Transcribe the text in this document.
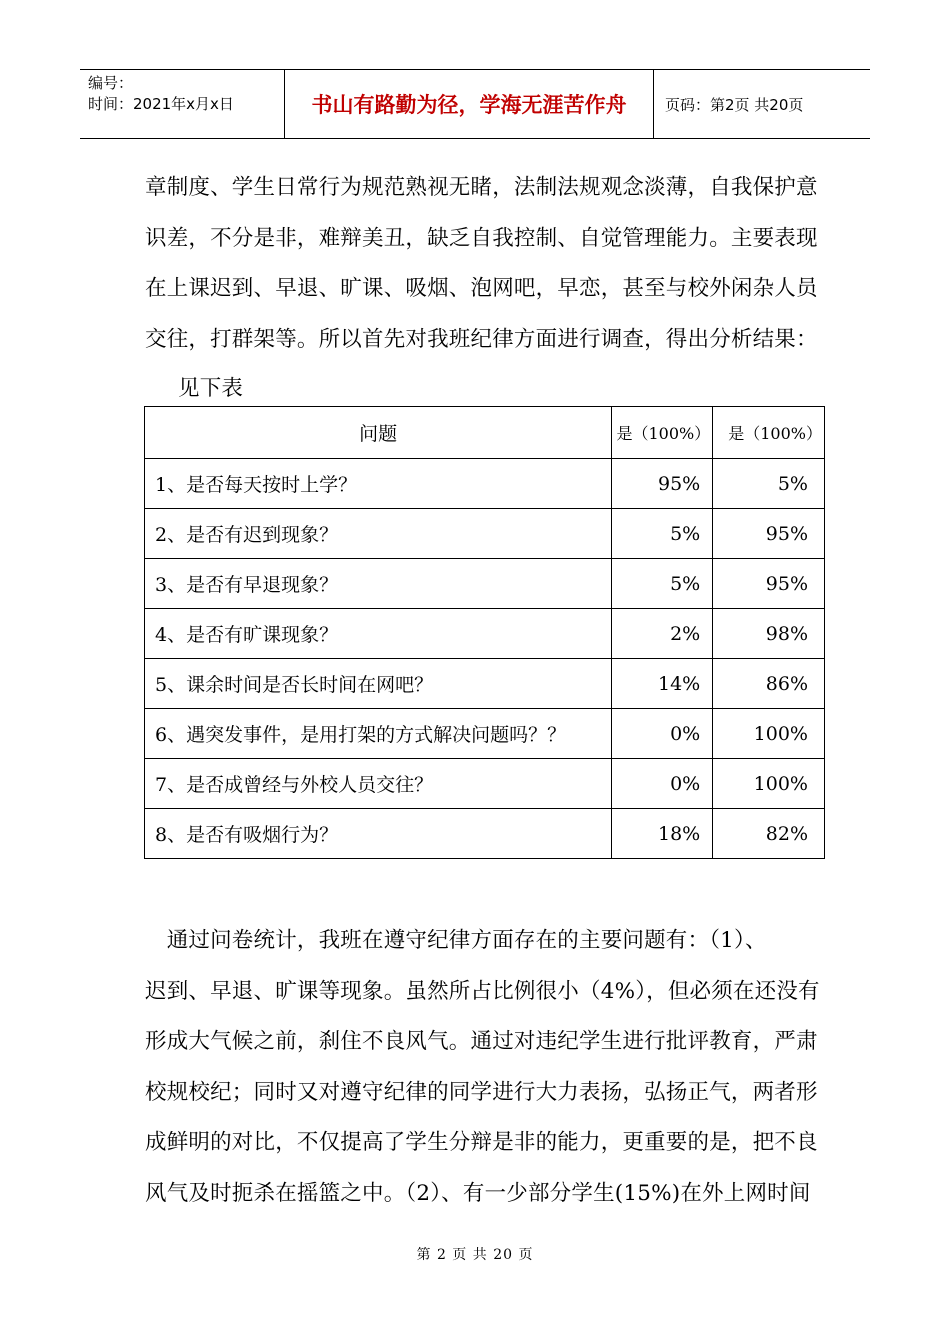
编号：
时间：2021年x月x日	书山有路勤为径，学海无涯苦作舟	页码：第2页 共20页
章制度、学生日常行为规范熟视无睹，法制法规观念淡薄，自我保护意
识差，不分是非，难辩美丑，缺乏自我控制、自觉管理能力。主要表现
在上课迟到、早退、旷课、吸烟、泡网吧，早恋，甚至与校外闲杂人员
交往，打群架等。所以首先对我班纪律方面进行调查，得出分析结果：
见下表
问题	是（100%）	是（100%）
1、是否每天按时上学？	95%	5%
2、是否有迟到现象？	5%	95%
3、是否有早退现象？	5%	95%
4、是否有旷课现象？	2%	98%
5、课余时间是否长时间在网吧？	14%	86%
6、遇突发事件，是用打架的方式解决问题吗？？	0%	100%
7、是否成曾经与外校人员交往？	0%	100%
8、是否有吸烟行为？	18%	82%
　通过问卷统计，我班在遵守纪律方面存在的主要问题有：（1）、
迟到、早退、旷课等现象。虽然所占比例很小（4%），但必须在还没有
形成大气候之前，刹住不良风气。通过对违纪学生进行批评教育，严肃
校规校纪；同时又对遵守纪律的同学进行大力表扬，弘扬正气，两者形
成鲜明的对比，不仅提高了学生分辩是非的能力，更重要的是，把不良
风气及时扼杀在摇篮之中。（2）、有一少部分学生(15%)在外上网时间
第 2 页 共 20 页
